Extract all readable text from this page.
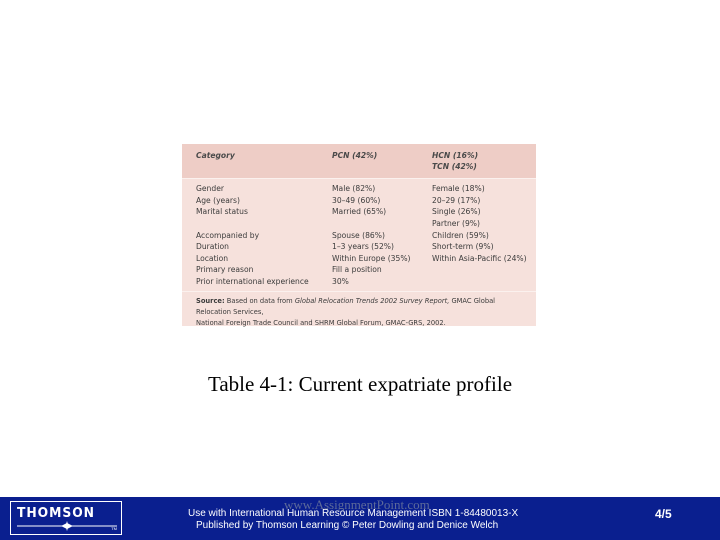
Category	PCN (42%)	HCN (16%)
TCN (42%)
Gender	Male (82%)	Female (18%)
Age (years)	30–49 (60%)	20–29 (17%)
Marital status	Married (65%)	Single (26%)
Partner (9%)
Accompanied by	Spouse (86%)	Children (59%)
Duration	1–3 years (52%)	Short-term (9%)
Location	Within Europe (35%)	Within Asia-Pacific (24%)
Primary reason	Fill a position
Prior international experience	30%
Source: Based on data from Global Relocation Trends 2002 Survey Report, GMAC Global Relocation Services,
National Foreign Trade Council and SHRM Global Forum, GMAC-GRS, 2002.
Table 4-1: Current expatriate profile
THOMSON
TM
www.AssignmentPoint.com
Use with International Human Resource Management ISBN 1-84480013-X
Published by Thomson Learning © Peter Dowling and Denice Welch
4/5
